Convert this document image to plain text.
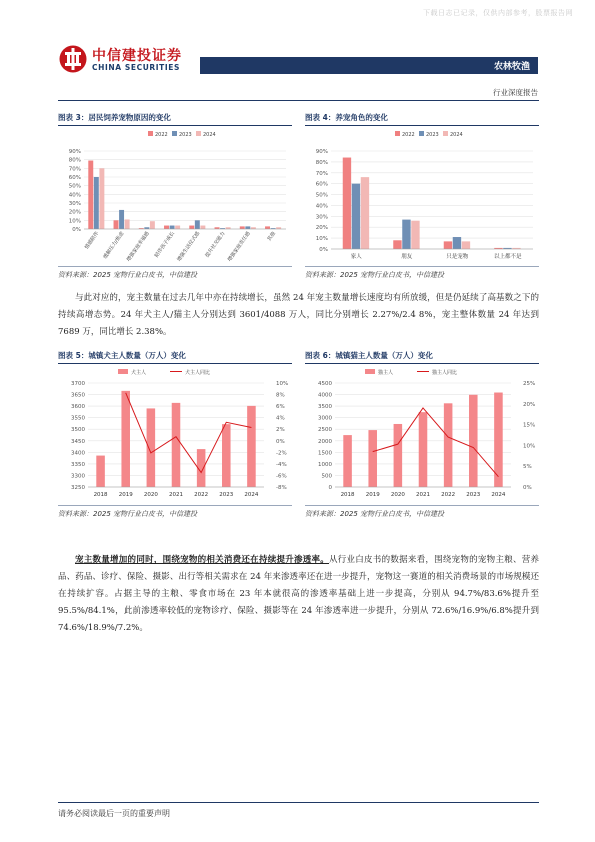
下载日志已记录，仅供内部参考，股票报告网
中信建投证券
CHINA SECURITIES	农林牧渔
行业深度报告
图表 3：居民饲养宠物原因的变化
2022 2023 2024
0%
10%
20%
30%
40%
50%
60%
70%
80%
90%
情感陪伴 缓解压力/焦虑 增强家庭幸福感 陪伴孩子成长 增强生活仪式感 提升社交能力 增强家庭责任感	其他
资料来源：2025 宠物行业白皮书，中信建投
图表 4：养宠角色的变化
2022 2023 2024
0%
10%
20%
30%
40%
50%
60%
70%
80%
90%
家人	朋友	只是宠物	以上都不是
资料来源：2025 宠物行业白皮书，中信建投
与此对应的，宠主数量在过去几年中亦在持续增长，虽然 24 年宠主数量增长速度均有所放缓，但是仍延续了高基数之下的持续高增态势。24 年犬主人/猫主人分别达到 3601/4088 万人，同比分别增长 2.27%/2.4 8%，宠主整体数量 24 年达到 7689 万，同比增长 2.38%。
图表 5：城镇犬主人数量（万人）变化
犬主人	犬主人同比
3250
3300
3350
3400
3450
3500
3550
3600
3650
3700
-8%
-6%
-4%
-2%
0%
2%
4%
6%
8%
10%
2018 2019 2020 2021 2022 2023 2024
资料来源：2025 宠物行业白皮书，中信建投
图表 6：城镇猫主人数量（万人）变化
猫主人	猫主人同比
0
500
1000
1500
2000
2500
3000
3500
4000
4500
0%
5%
10%
15%
20%
25%
2018 2019 2020 2021 2022 2023 2024
资料来源：2025 宠物行业白皮书，中信建投
宠主数量增加的同时，围绕宠物的相关消费还在持续提升渗透率。从行业白皮书的数据来看，围绕宠物的宠物主粮、营养品、药品、诊疗、保险、摄影、出行等相关需求在 24 年来渗透率还在进一步提升，宠物这一赛道的相关消费场景的市场规模还在持续扩容。占据主导的主粮、零食市场在 23 年本就很高的渗透率基础上进一步提高，分别从 94.7%/83.6%提升至 95.5%/84.1%，此前渗透率较低的宠物诊疗、保险、摄影等在 24 年渗透率进一步提升，分别从 72.6%/16.9%/6.8%提升到 74.6%/18.9%/7.2%。
请务必阅读最后一页的重要声明
